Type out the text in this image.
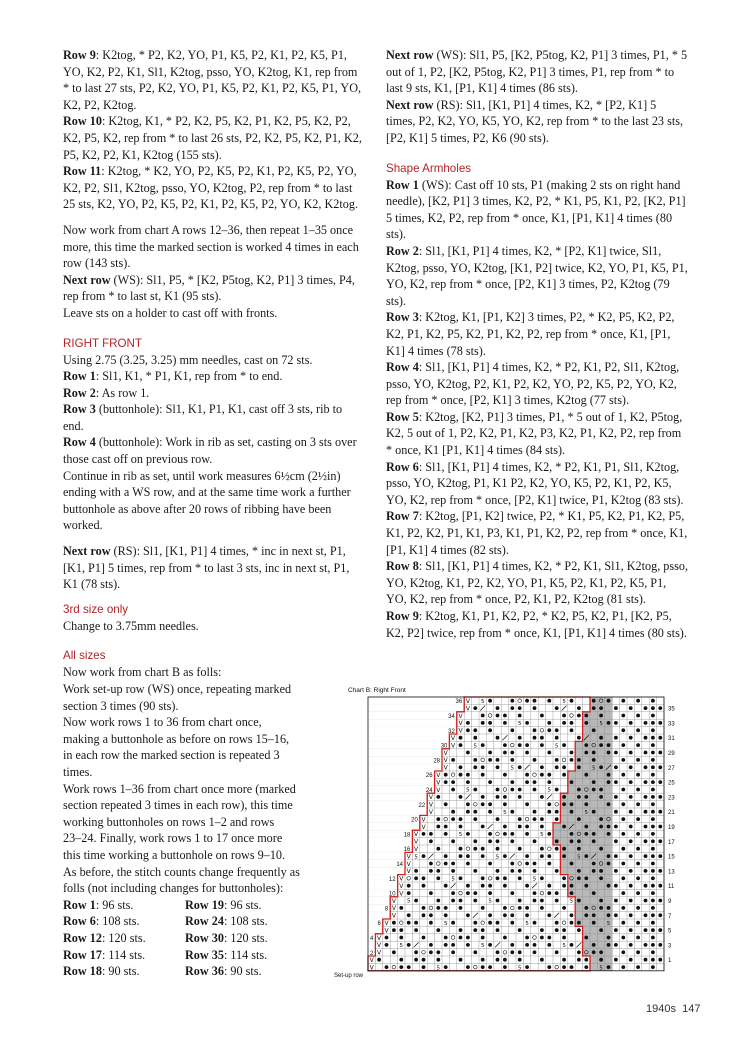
Row 9: K2tog, * P2, K2, YO, P1, K5, P2, K1, P2, K5, P1, YO, K2, P2, K1, Sl1, K2tog, psso, YO, K2tog, K1, rep from * to last 27 sts, P2, K2, YO, P1, K5, P2, K1, P2, K5, P1, YO, K2, P2, K2tog.

Row 10: K2tog, K1, * P2, K2, P5, K2, P1, K2, P5, K2, P2, K2, P5, K2, rep from * to last 26 sts, P2, K2, P5, K2, P1, K2, P5, K2, P2, K1, K2tog (155 sts).

Row 11: K2tog, * K2, YO, P2, K5, P2, K1, P2, K5, P2, YO, K2, P2, Sl1, K2tog, psso, YO, K2tog, P2, rep from * to last 25 sts, K2, YO, P2, K5, P2, K1, P2, K5, P2, YO, K2, K2tog.

Now work from chart A rows 12–36, then repeat 1–35 once more, this time the marked section is worked 4 times in each row (143 sts).

Next row (WS): Sl1, P5, * [K2, P5tog, K2, P1] 3 times, P4, rep from * to last st, K1 (95 sts).

Leave sts on a holder to cast off with fronts.

RIGHT FRONT

Using 2.75 (3.25, 3.25) mm needles, cast on 72 sts.

Row 1: Sl1, K1, * P1, K1, rep from * to end.

Row 2: As row 1.

Row 3 (buttonhole): Sl1, K1, P1, K1, cast off 3 sts, rib to end.

Row 4 (buttonhole): Work in rib as set, casting on 3 sts over those cast off on previous row.

Continue in rib as set, until work measures 6½cm (2½in) ending with a WS row, and at the same time work a further buttonhole as above after 20 rows of ribbing have been worked.

Next row (RS): Sl1, [K1, P1] 4 times, * inc in next st, P1, [K1, P1] 5 times, rep from * to last 3 sts, inc in next st, P1, K1 (78 sts).

3rd size only

Change to 3.75mm needles.

All sizes

Now work from chart B as folls:

Work set-up row (WS) once, repeating marked

section 3 times (90 sts).

Now work rows 1 to 36 from chart once,

making a buttonhole as before on rows 15–16,

in each row the marked section is repeated 3

times.

Work rows 1–36 from chart once more (marked

section repeated 3 times in each row), this time

working buttonholes on rows 1–2 and rows

23–24. Finally, work rows 1 to 17 once more

this time working a buttonhole on rows 9–10.

As before, the stitch counts change frequently as

folls (not including changes for buttonholes):

Row 1: 96 sts.	Row 19: 96 sts.
Row 6: 108 sts.	Row 24: 108 sts.
Row 12: 120 sts.	Row 30: 120 sts.
Row 17: 114 sts.	Row 35: 114 sts.
Row 18: 90 sts.	Row 36: 90 sts.

Next row (WS): Sl1, P5, [K2, P5tog, K2, P1] 3 times, P1, * 5 out of 1, P2, [K2, P5tog, K2, P1] 3 times, P1, rep from * to last 9 sts, K1, [P1, K1] 4 times (86 sts).

Next row (RS): Sl1, [K1, P1] 4 times, K2, * [P2, K1] 5 times, P2, K2, YO, K5, YO, K2, rep from * to the last 23 sts, [P2, K1] 5 times, P2, K6 (90 sts).

Shape Armholes

Row 1 (WS): Cast off 10 sts, P1 (making 2 sts on right hand needle), [K2, P1] 3 times, K2, P2, * K1, P5, K1, P2, [K2, P1] 5 times, K2, P2, rep from * once, K1, [P1, K1] 4 times (80 sts).

Row 2: Sl1, [K1, P1] 4 times, K2, * [P2, K1] twice, Sl1, K2tog, psso, YO, K2tog, [K1, P2] twice, K2, YO, P1, K5, P1, YO, K2, rep from * once, [P2, K1] 3 times, P2, K2tog (79 sts).

Row 3: K2tog, K1, [P1, K2] 3 times, P2, * K2, P5, K2, P2, K2, P1, K2, P5, K2, P1, K2, P2, rep from * once, K1, [P1, K1] 4 times (78 sts).

Row 4: Sl1, [K1, P1] 4 times, K2, * P2, K1, P2, Sl1, K2tog, psso, YO, K2tog, P2, K1, P2, K2, YO, P2, K5, P2, YO, K2, rep from * once, [P2, K1] 3 times, K2tog (77 sts).

Row 5: K2tog, [K2, P1] 3 times, P1, * 5 out of 1, K2, P5tog, K2, 5 out of 1, P2, K2, P1, K2, P3, K2, P1, K2, P2, rep from * once, K1 [P1, K1] 4 times (84 sts).

Row 6: Sl1, [K1, P1] 4 times, K2, * P2, K1, P1, Sl1, K2tog, psso, YO, K2tog, P1, K1 P2, K2, YO, K5, P2, K1, P2, K5, YO, K2, rep from * once, [P2, K1] twice, P1, K2tog (83 sts).

Row 7: K2tog, [P1, K2] twice, P2, * K1, P5, K2, P1, K2, P5, K1, P2, K2, P1, K1, P3, K1, P1, K2, P2, rep from * once, K1, [P1, K1] 4 times (82 sts).

Row 8: Sl1, [K1, P1] 4 times, K2, * P2, K1, Sl1, K2tog, psso, YO, K2tog, K1, P2, K2, YO, P1, K5, P2, K1, P2, K5, P1, YO, K2, rep from * once, P2, K1, P2, K2tog (81 sts).

Row 9: K2tog, K1, P1, K2, P2, * K2, P5, K2, P1, [K2, P5, K2, P2] twice, rep from * once, K1, [P1, K1] 4 times (80 sts).

Chart B: Right Front
V 5	5
V
V
V	5	5
V
V
V	5	5
V
V
V	5	5
V
V
V	5	5
V
V
V	5	5
V
V
V	5	5
V
V
V 5	5	5
V
V
V	5	5
V
V
V 5	5	5
V
V
V	5	5	5
V
V
V	5	5	5
V
V
V	5	5	5
36
34
32
30
28
26
24
22
20
18
16
14
12
10
8
6
4
2
35
33
31
29
27
25
23
21
19
17
15
13
11
9
7
5
3
1
Set-up row
1940s 147
